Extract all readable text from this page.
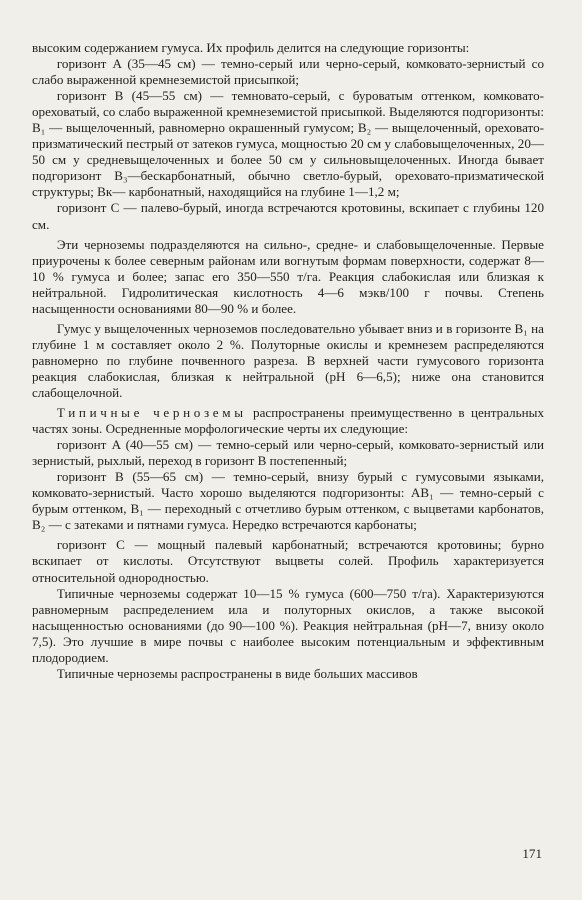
высоким содержанием гумуса. Их профиль делится на следующие горизонты:

горизонт A (35—45 см) — темно-серый или черно-серый, комковато-зернистый со слабо выраженной кремнеземистой присыпкой;

горизонт B (45—55 см) — темновато-серый, с буроватым оттенком, комковато-ореховатый, со слабо выраженной кремнеземистой присыпкой. Выделяются подгоризонты: B₁ — выщелоченный, равномерно окрашенный гумусом; B₂ — выщелоченный, ореховато-призматический пестрый от затеков гумуса, мощностью 20 см у слабовыщелоченных, 20—50 см у средневыщелоченных и более 50 см у сильновыщелоченных. Иногда бывает подгоризонт B₃—бескарбонатный, обычно светло-бурый, ореховато-призматической структуры; Bк— карбонатный, находящийся на глубине 1—1,2 м;

горизонт C — палево-бурый, иногда встречаются кротовины, вскипает с глубины 120 см.

Эти черноземы подразделяются на сильно-, средне- и слабовыщелоченные. Первые приурочены к более северным районам или вогнутым формам поверхности, содержат 8—10 % гумуса и более; запас его 350—550 т/га. Реакция слабокислая или близкая к нейтральной. Гидролитическая кислотность 4—6 мэкв/100 г почвы. Степень насыщенности основаниями 80—90 % и более.

Гумус у выщелоченных черноземов последовательно убывает вниз и в горизонте B₁ на глубине 1 м составляет около 2 %. Полуторные окислы и кремнезем распределяются равномерно по глубине почвенного разреза. В верхней части гумусового горизонта реакция слабокислая, близкая к нейтральной (pH 6—6,5); ниже она становится слабощелочной.

Типичные черноземы распространены преимущественно в центральных частях зоны. Осредненные морфологические черты их следующие:

горизонт A (40—55 см) — темно-серый или черно-серый, комковато-зернистый или зернистый, рыхлый, переход в горизонт B постепенный;

горизонт B (55—65 см) — темно-серый, внизу бурый с гумусовыми языками, комковато-зернистый. Часто хорошо выделяются подгоризонты: AB₁ — темно-серый с бурым оттенком, B₁ — переходный с отчетливо бурым оттенком, с выцветами карбонатов, B₂ — с затеками и пятнами гумуса. Нередко встречаются карбонаты;

горизонт C — мощный палевый карбонатный; встречаются кротовины; бурно вскипает от кислоты. Отсутствуют выцветы солей. Профиль характеризуется относительной однородностью.

Типичные черноземы содержат 10—15 % гумуса (600—750 т/га). Характеризуются равномерным распределением ила и полуторных окислов, а также высокой насыщенностью основаниями (до 90—100 %). Реакция нейтральная (pH—7, внизу около 7,5). Это лучшие в мире почвы с наиболее высоким потенциальным и эффективным плодородием.

Типичные черноземы распространены в виде больших массивов

171
